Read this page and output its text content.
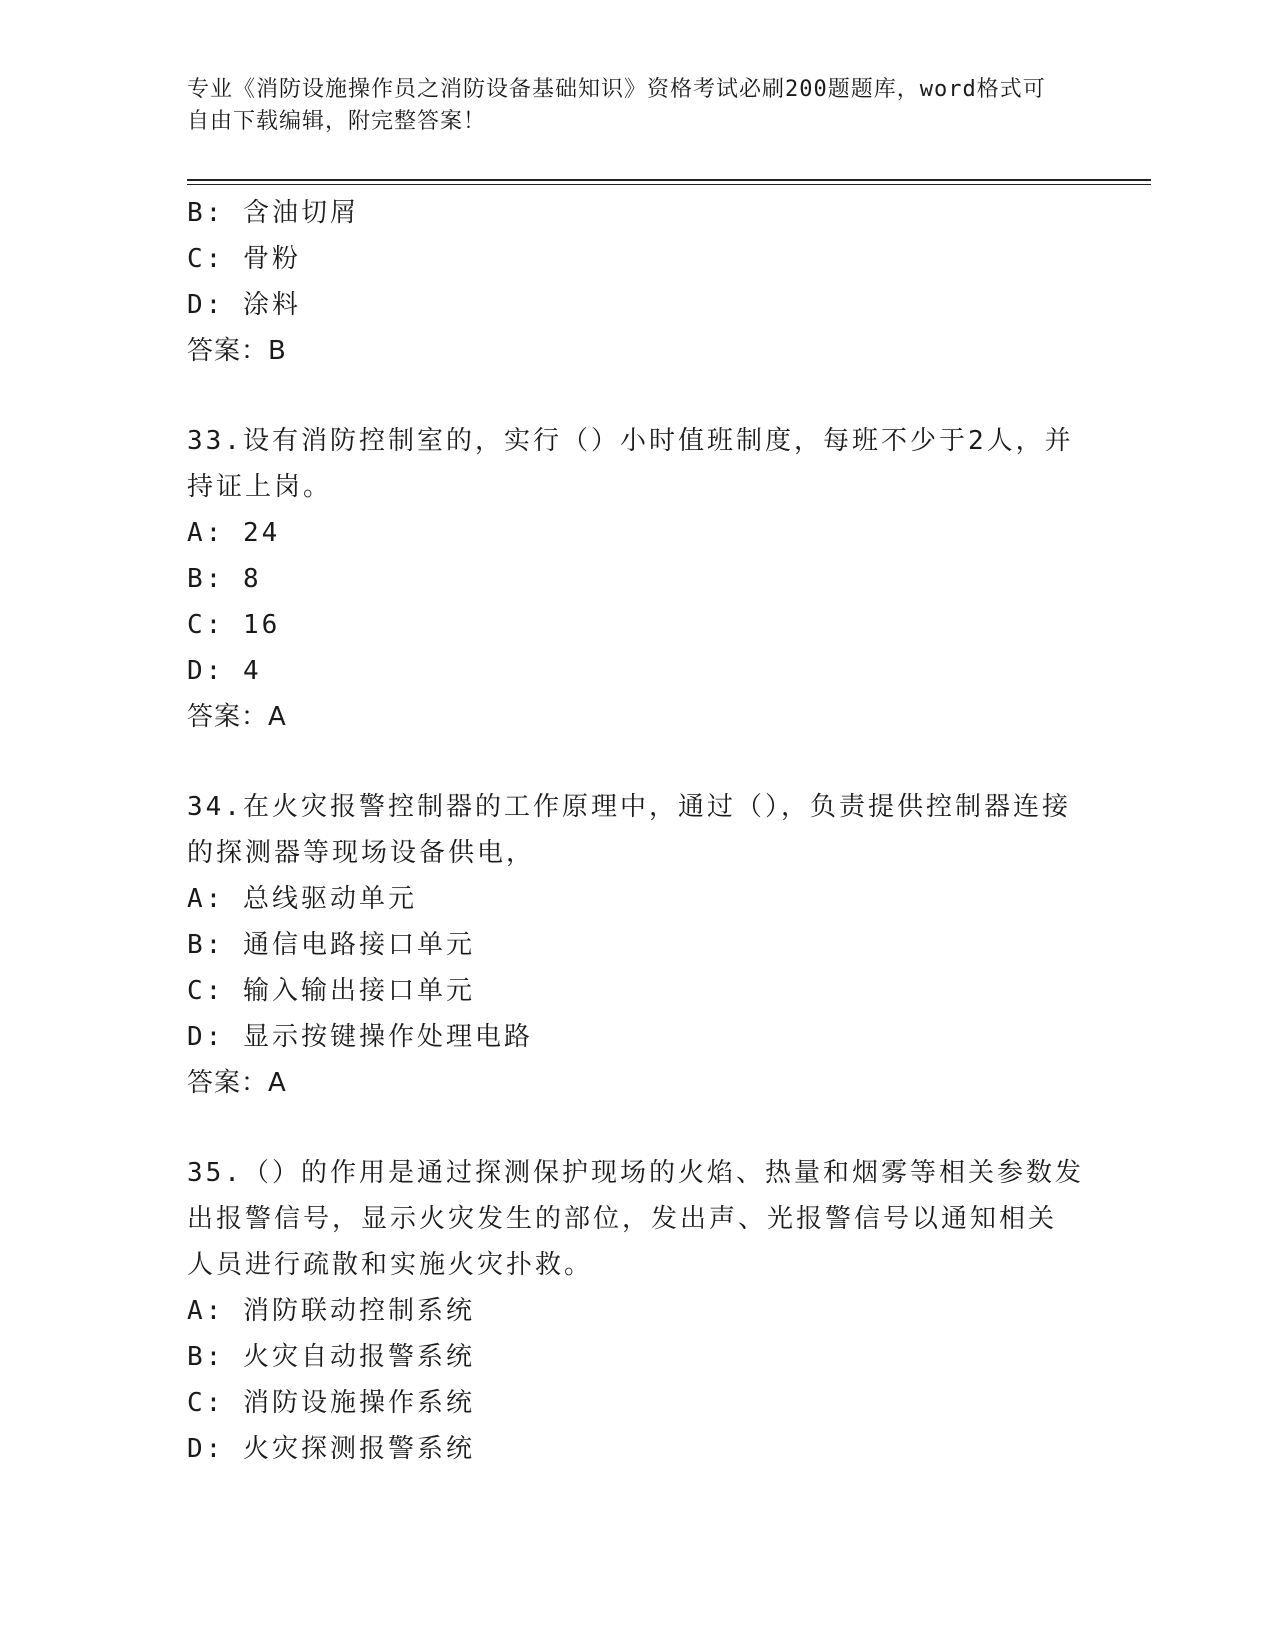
专业《消防设施操作员之消防设备基础知识》资格考试必刷200题题库，word格式可自由下载编辑，附完整答案！
B: 含油切屑
C: 骨粉
D: 涂料
答案：B
33.设有消防控制室的，实行（）小时值班制度，每班不少于2人，并
持证上岗。
A: 24
B: 8
C: 16
D: 4
答案：A
34.在火灾报警控制器的工作原理中，通过（），负责提供控制器连接
的探测器等现场设备供电，
A: 总线驱动单元
B: 通信电路接口单元
C: 输入输出接口单元
D: 显示按键操作处理电路
答案：A
35.（）的作用是通过探测保护现场的火焰、热量和烟雾等相关参数发
出报警信号，显示火灾发生的部位，发出声、光报警信号以通知相关
人员进行疏散和实施火灾扑救。
A: 消防联动控制系统
B: 火灾自动报警系统
C: 消防设施操作系统
D: 火灾探测报警系统
